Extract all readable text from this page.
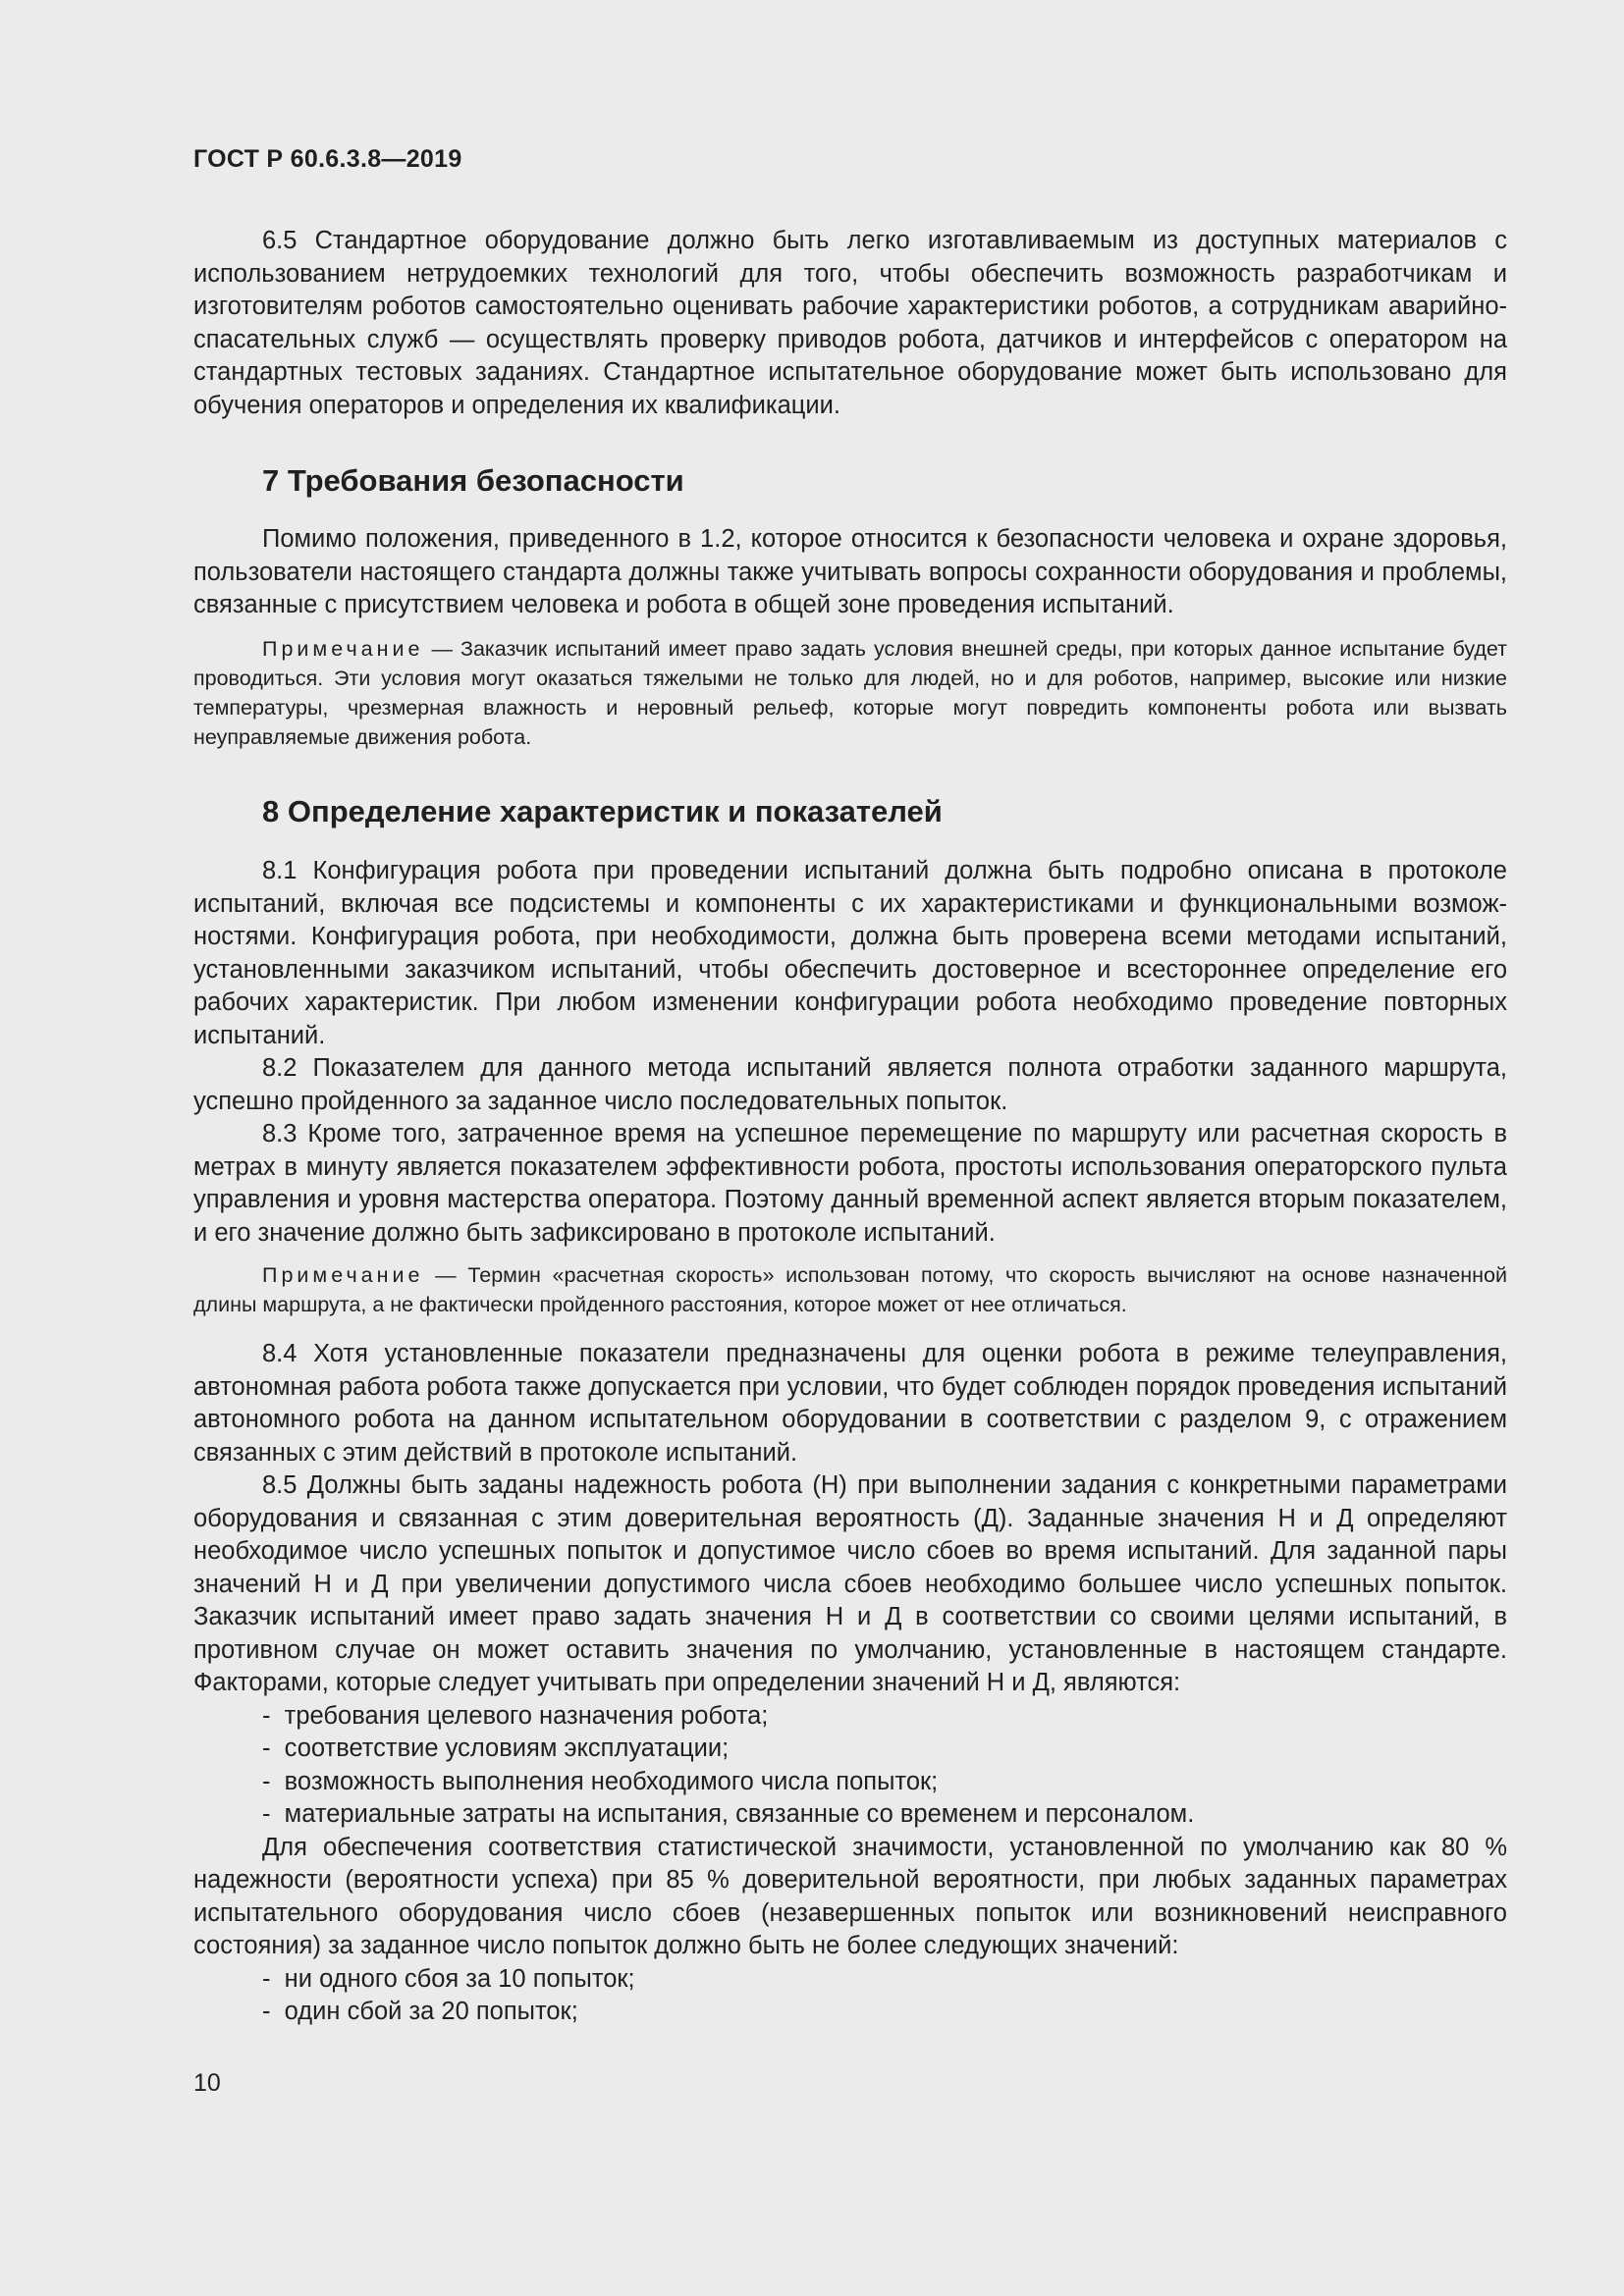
ГОСТ Р 60.6.3.8—2019

6.5 Стандартное оборудование должно быть легко изготавливаемым из доступных материалов с использованием нетрудоемких технологий для того, чтобы обеспечить возможность разработчикам и изготовителям роботов самостоятельно оценивать рабочие характеристики роботов, а сотрудникам аварийно-спасательных служб — осуществлять проверку приводов робота, датчиков и интерфейсов с оператором на стандартных тестовых заданиях. Стандартное испытательное оборудование может быть использовано для обучения операторов и определения их квалификации.

7 Требования безопасности

Помимо положения, приведенного в 1.2, которое относится к безопасности человека и охране здоровья, пользователи настоящего стандарта должны также учитывать вопросы сохранности оборудования и проблемы, связанные с присутствием человека и робота в общей зоне проведения испытаний.

Примечание — Заказчик испытаний имеет право задать условия внешней среды, при которых данное испытание будет проводиться. Эти условия могут оказаться тяжелыми не только для людей, но и для роботов, например, высокие или низкие температуры, чрезмерная влажность и неровный рельеф, которые могут повредить компоненты робота или вызвать неуправляемые движения робота.

8 Определение характеристик и показателей

8.1 Конфигурация робота при проведении испытаний должна быть подробно описана в протоколе испытаний, включая все подсистемы и компоненты с их характеристиками и функциональными возможностями. Конфигурация робота, при необходимости, должна быть проверена всеми методами испытаний, установленными заказчиком испытаний, чтобы обеспечить достоверное и всестороннее определение его рабочих характеристик. При любом изменении конфигурации робота необходимо проведение повторных испытаний.

8.2 Показателем для данного метода испытаний является полнота отработки заданного маршрута, успешно пройденного за заданное число последовательных попыток.

8.3 Кроме того, затраченное время на успешное перемещение по маршруту или расчетная скорость в метрах в минуту является показателем эффективности робота, простоты использования операторского пульта управления и уровня мастерства оператора. Поэтому данный временной аспект является вторым показателем, и его значение должно быть зафиксировано в протоколе испытаний.

Примечание — Термин «расчетная скорость» использован потому, что скорость вычисляют на основе назначенной длины маршрута, а не фактически пройденного расстояния, которое может от нее отличаться.

8.4 Хотя установленные показатели предназначены для оценки робота в режиме телеуправления, автономная работа робота также допускается при условии, что будет соблюден порядок проведения испытаний автономного робота на данном испытательном оборудовании в соответствии с разделом 9, с отражением связанных с этим действий в протоколе испытаний.

8.5 Должны быть заданы надежность робота (Н) при выполнении задания с конкретными параметрами оборудования и связанная с этим доверительная вероятность (Д). Заданные значения Н и Д определяют необходимое число успешных попыток и допустимое число сбоев во время испытаний. Для заданной пары значений Н и Д при увеличении допустимого числа сбоев необходимо большее число успешных попыток. Заказчик испытаний имеет право задать значения Н и Д в соответствии со своими целями испытаний, в противном случае он может оставить значения по умолчанию, установленные в настоящем стандарте. Факторами, которые следует учитывать при определении значений Н и Д, являются:

-  требования целевого назначения робота;
-  соответствие условиям эксплуатации;
-  возможность выполнения необходимого числа попыток;
-  материальные затраты на испытания, связанные со временем и персоналом.

Для обеспечения соответствия статистической значимости, установленной по умолчанию как 80 % надежности (вероятности успеха) при 85 % доверительной вероятности, при любых заданных параметрах испытательного оборудования число сбоев (незавершенных попыток или возникновений неисправного состояния) за заданное число попыток должно быть не более следующих значений:

-  ни одного сбоя за 10 попыток;
-  один сбой за 20 попыток;
10
